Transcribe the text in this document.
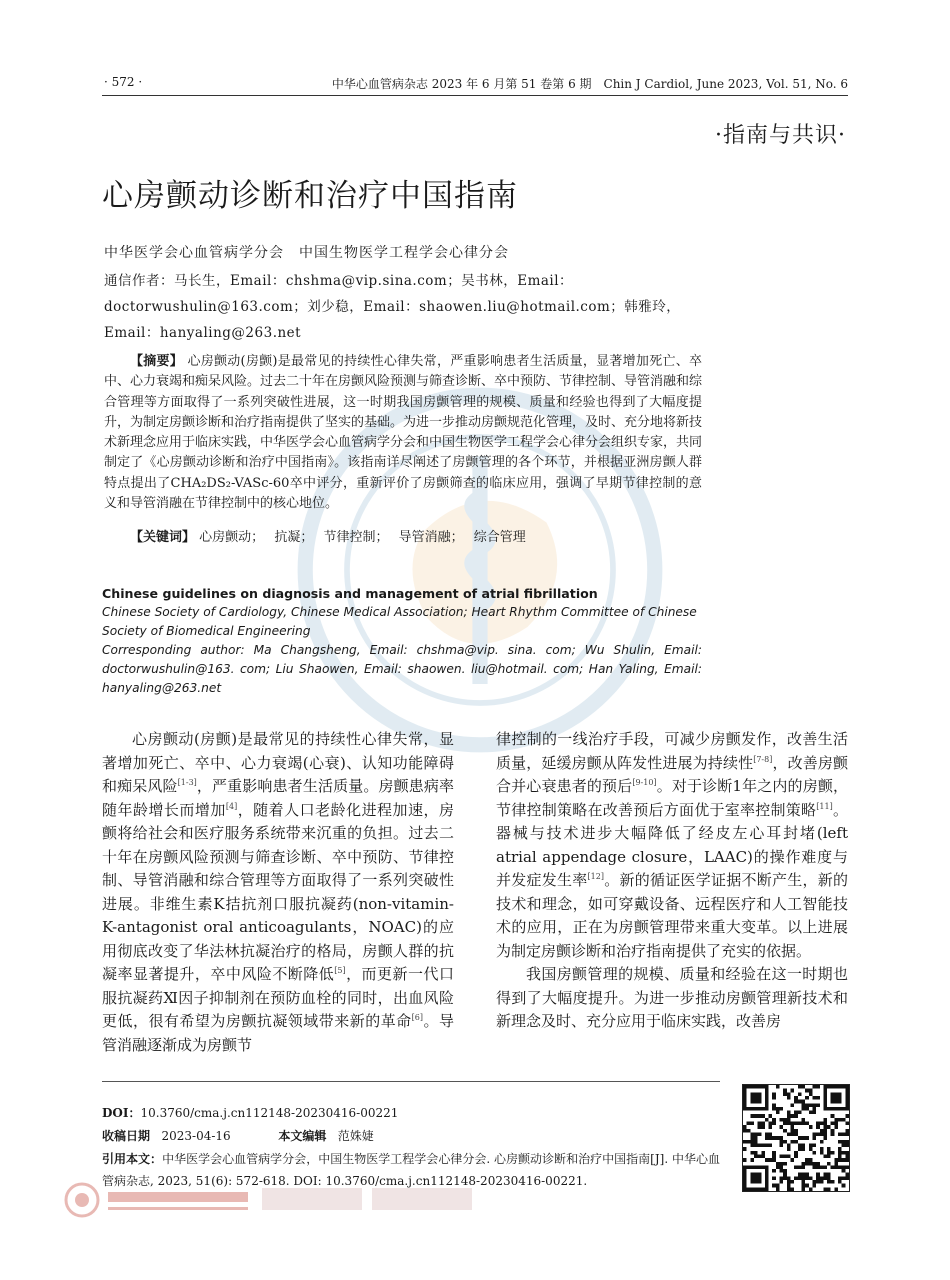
· 572 ·	中华心血管病杂志 2023 年 6 月第 51 卷第 6 期　Chin J Cardiol, June 2023, Vol. 51, No. 6
·指南与共识·
心房颤动诊断和治疗中国指南
中华医学会心血管病学分会　中国生物医学工程学会心律分会
通信作者：马长生，Email：chshma@vip.sina.com；吴书林，Email：doctorwushulin@163.com；刘少稳，Email：shaowen.liu@hotmail.com；韩雅玲，Email：hanyaling@263.net
【摘要】 心房颤动(房颤)是最常见的持续性心律失常，严重影响患者生活质量，显著增加死亡、卒中、心力衰竭和痴呆风险。过去二十年在房颤风险预测与筛查诊断、卒中预防、节律控制、导管消融和综合管理等方面取得了一系列突破性进展，这一时期我国房颤管理的规模、质量和经验也得到了大幅度提升，为制定房颤诊断和治疗指南提供了坚实的基础。为进一步推动房颤规范化管理，及时、充分地将新技术新理念应用于临床实践，中华医学会心血管病学分会和中国生物医学工程学会心律分会组织专家，共同制定了《心房颤动诊断和治疗中国指南》。该指南详尽阐述了房颤管理的各个环节，并根据亚洲房颤人群特点提出了CHA₂DS₂-VASc-60卒中评分，重新评价了房颤筛查的临床应用，强调了早期节律控制的意义和导管消融在节律控制中的核心地位。
【关键词】 心房颤动； 抗凝； 节律控制； 导管消融； 综合管理
Chinese guidelines on diagnosis and management of atrial fibrillation
Chinese Society of Cardiology, Chinese Medical Association; Heart Rhythm Committee of Chinese Society of Biomedical Engineering
Corresponding author: Ma Changsheng, Email: chshma@vip. sina. com; Wu Shulin, Email: doctorwushulin@163. com; Liu Shaowen, Email: shaowen. liu@hotmail. com; Han Yaling, Email: hanyaling@263.net
心房颤动(房颤)是最常见的持续性心律失常，显著增加死亡、卒中、心力衰竭(心衰)、认知功能障碍和痴呆风险[1-3]，严重影响患者生活质量。房颤患病率随年龄增长而增加[4]，随着人口老龄化进程加速，房颤将给社会和医疗服务系统带来沉重的负担。过去二十年在房颤风险预测与筛查诊断、卒中预防、节律控制、导管消融和综合管理等方面取得了一系列突破性进展。非维生素K拮抗剂口服抗凝药(non-vitamin-K-antagonist oral anticoagulants，NOAC)的应用彻底改变了华法林抗凝治疗的格局，房颤人群的抗凝率显著提升，卒中风险不断降低[5]，而更新一代口服抗凝药Ⅺ因子抑制剂在预防血栓的同时，出血风险更低，很有希望为房颤抗凝领域带来新的革命[6]。导管消融逐渐成为房颤节
律控制的一线治疗手段，可减少房颤发作，改善生活质量，延缓房颤从阵发性进展为持续性[7-8]，改善房颤合并心衰患者的预后[9-10]。对于诊断1年之内的房颤，节律控制策略在改善预后方面优于室率控制策略[11]。器械与技术进步大幅降低了经皮左心耳封堵(left atrial appendage closure，LAAC)的操作难度与并发症发生率[12]。新的循证医学证据不断产生，新的技术和理念，如可穿戴设备、远程医疗和人工智能技术的应用，正在为房颤管理带来重大变革。以上进展为制定房颤诊断和治疗指南提供了充实的依据。
我国房颤管理的规模、质量和经验在这一时期也得到了大幅度提升。为进一步推动房颤管理新技术和新理念及时、充分应用于临床实践，改善房
DOI：10.3760/cma.j.cn112148-20230416-00221
收稿日期 2023-04-16	本文编辑 范姝婕
引用本文：中华医学会心血管病学分会，中国生物医学工程学会心律分会. 心房颤动诊断和治疗中国指南[J]. 中华心血管病杂志, 2023, 51(6): 572-618. DOI: 10.3760/cma.j.cn112148-20230416-00221.
